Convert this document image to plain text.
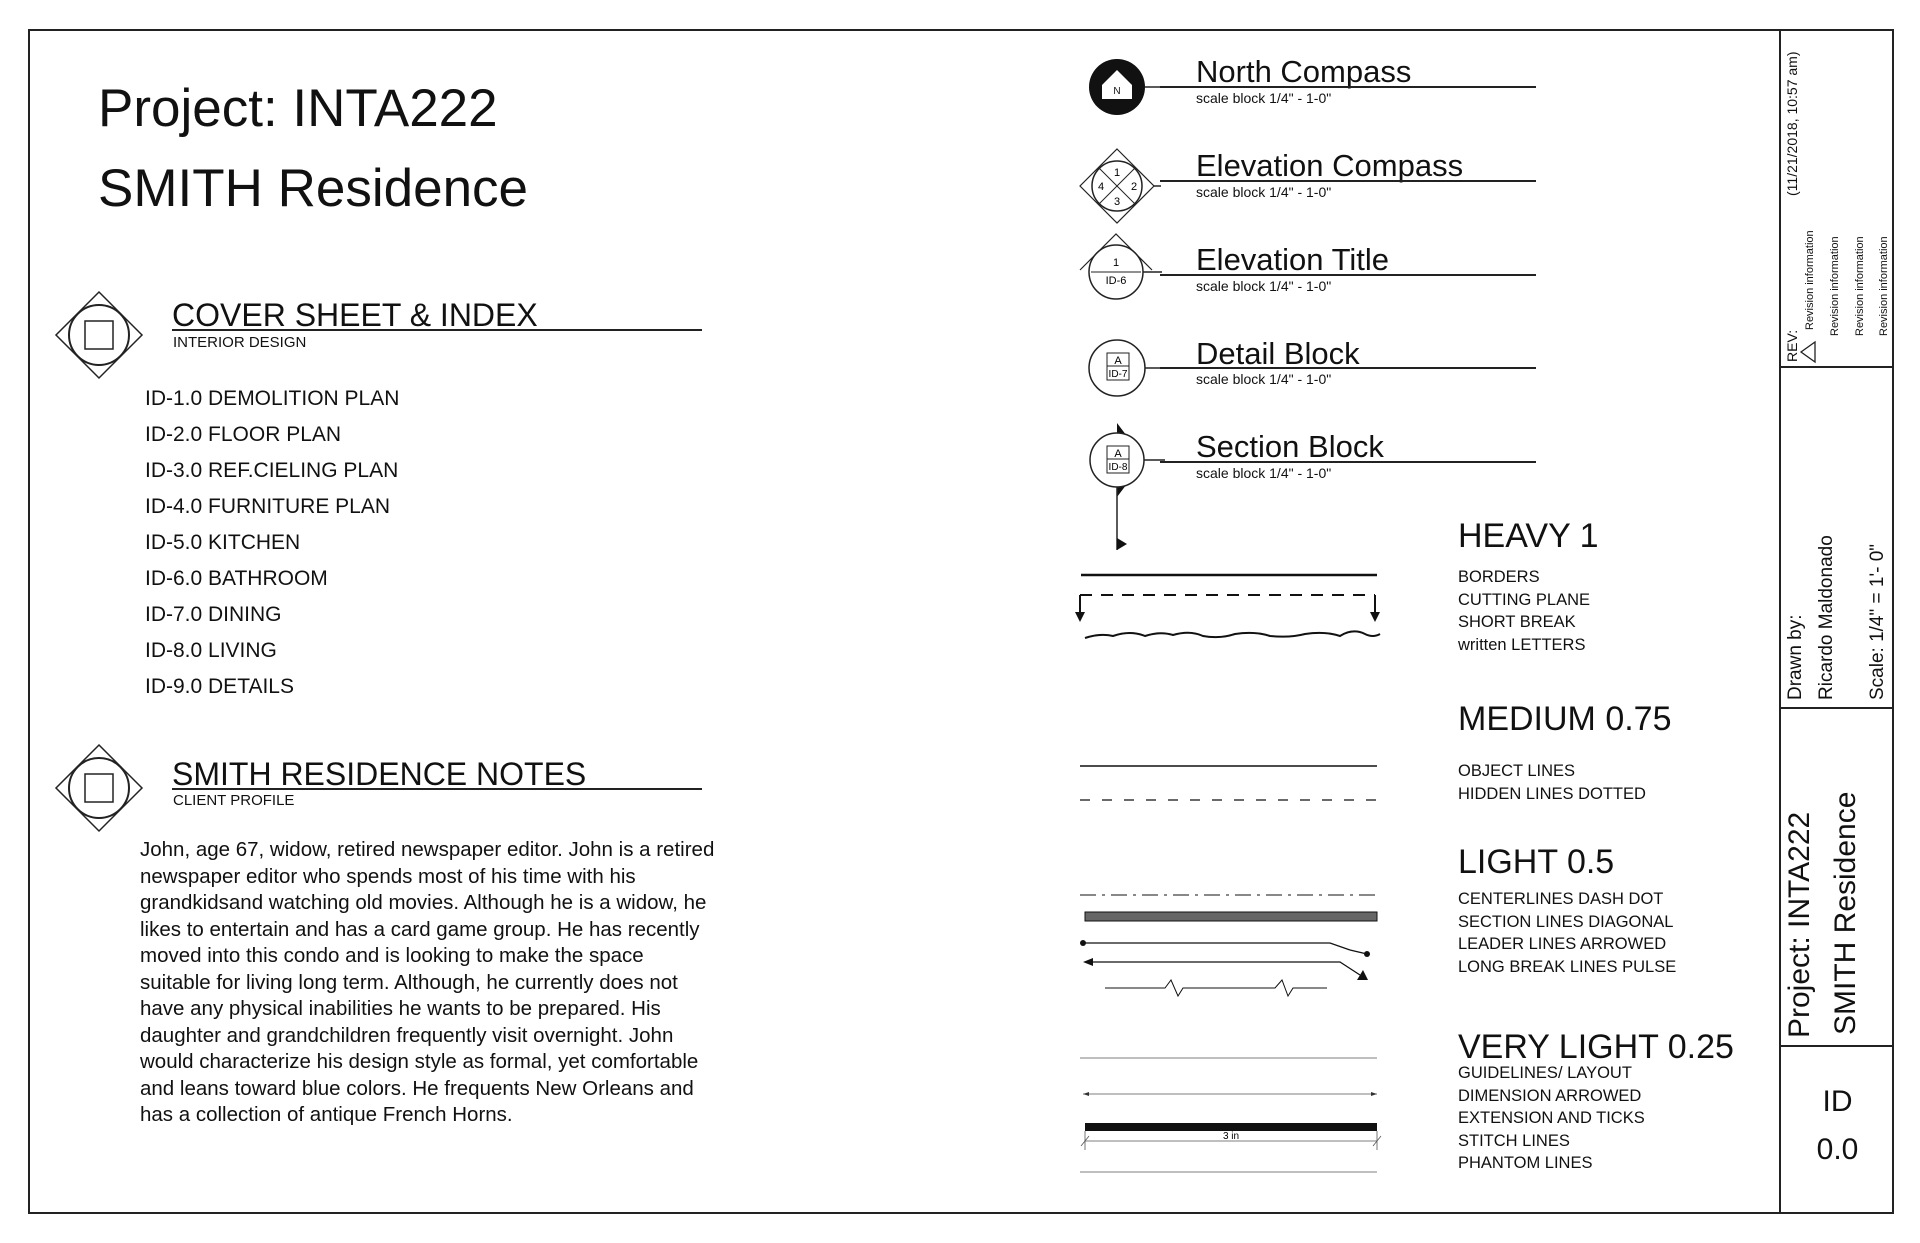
Project: INTA222
SMITH Residence
COVER SHEET & INDEX
INTERIOR DESIGN
ID-1.0 DEMOLITION PLAN
ID-2.0 FLOOR PLAN
ID-3.0 REF.CIELING PLAN
ID-4.0 FURNITURE PLAN
ID-5.0 KITCHEN
ID-6.0 BATHROOM
ID-7.0 DINING
ID-8.0 LIVING
ID-9.0 DETAILS
SMITH RESIDENCE NOTES
CLIENT PROFILE
John, age 67, widow, retired newspaper editor. John is a retired newspaper editor who spends most of his time with his grandkidsand watching old movies. Although he is a widow, he likes to entertain and has a card game group. He has recently moved into this condo and is looking to make the space suitable for living long term. Although, he currently does not have any physical inabilities he wants to be prepared. His daughter and grandchildren frequently visit overnight. John would characterize his design style as formal, yet comfortable and leans toward blue colors. He frequents New Orleans and has a collection of antique French Horns.
N
North Compass
scale block 1/4" - 1-0"
1
2
3
4
Elevation Compass
scale block 1/4" - 1-0"
1
ID-6
Elevation Title
scale block 1/4" - 1-0"
A
ID-7
Detail Block
scale block 1/4" - 1-0"
A
ID-8
Section Block
scale block 1/4" - 1-0"
3 in
HEAVY 1
BORDERS
CUTTING PLANE
SHORT BREAK
written LETTERS
MEDIUM 0.75
OBJECT LINES
HIDDEN LINES DOTTED
LIGHT 0.5
CENTERLINES DASH DOT
SECTION LINES DIAGONAL
LEADER LINES ARROWED
LONG BREAK LINES PULSE
VERY LIGHT 0.25
GUIDELINES/ LAYOUT
DIMENSION ARROWED
EXTENSION AND TICKS
STITCH LINES
PHANTOM LINES
(11/21/2018, 10:57 am)
REV:
Revision information Revision information Revision information Revision information
Drawn by: Ricardo Maldonado Scale: 1/4" = 1'- 0"
Project: INTA222 SMITH Residence
ID
0.0
